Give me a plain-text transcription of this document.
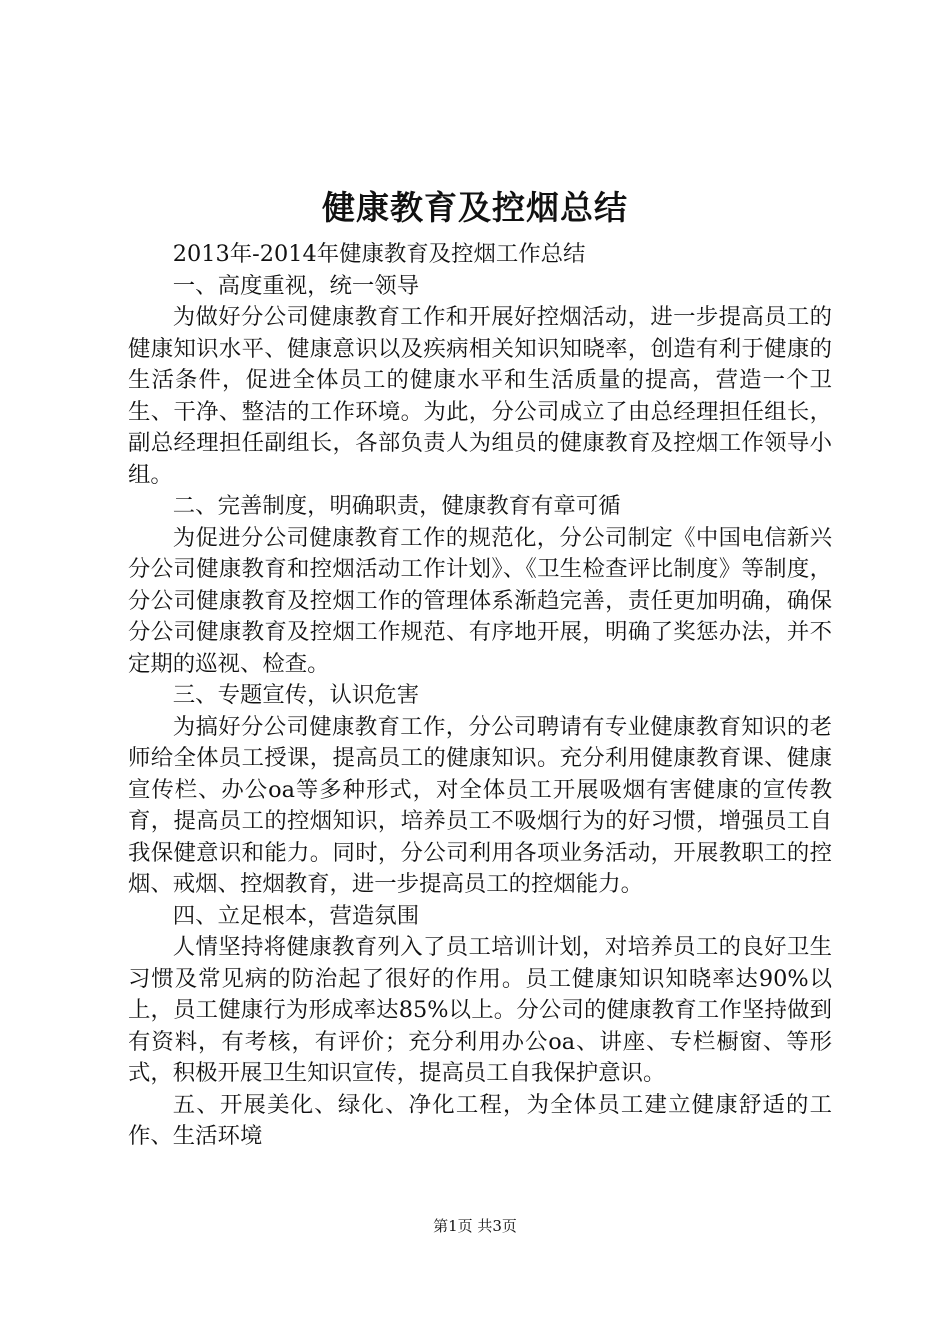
健康教育及控烟总结

2013年-2014年健康教育及控烟工作总结

一、高度重视，统一领导

为做好分公司健康教育工作和开展好控烟活动，进一步提高员工的健康知识水平、健康意识以及疾病相关知识知晓率，创造有利于健康的生活条件，促进全体员工的健康水平和生活质量的提高，营造一个卫生、干净、整洁的工作环境。为此，分公司成立了由总经理担任组长，副总经理担任副组长，各部负责人为组员的健康教育及控烟工作领导小组。

二、完善制度，明确职责，健康教育有章可循

为促进分公司健康教育工作的规范化，分公司制定《中国电信新兴分公司健康教育和控烟活动工作计划》、《卫生检查评比制度》等制度，分公司健康教育及控烟工作的管理体系渐趋完善，责任更加明确，确保分公司健康教育及控烟工作规范、有序地开展，明确了奖惩办法，并不定期的巡视、检查。

三、专题宣传，认识危害

为搞好分公司健康教育工作，分公司聘请有专业健康教育知识的老师给全体员工授课，提高员工的健康知识。充分利用健康教育课、健康宣传栏、办公oa等多种形式，对全体员工开展吸烟有害健康的宣传教育，提高员工的控烟知识，培养员工不吸烟行为的好习惯，增强员工自我保健意识和能力。同时，分公司利用各项业务活动，开展教职工的控烟、戒烟、控烟教育，进一步提高员工的控烟能力。

四、立足根本，营造氛围

人情坚持将健康教育列入了员工培训计划，对培养员工的良好卫生习惯及常见病的防治起了很好的作用。员工健康知识知晓率达90%以上，员工健康行为形成率达85%以上。分公司的健康教育工作坚持做到有资料，有考核，有评价；充分利用办公oa、讲座、专栏橱窗、等形式，积极开展卫生知识宣传，提高员工自我保护意识。

五、开展美化、绿化、净化工程，为全体员工建立健康舒适的工作、生活环境

第1页 共3页
